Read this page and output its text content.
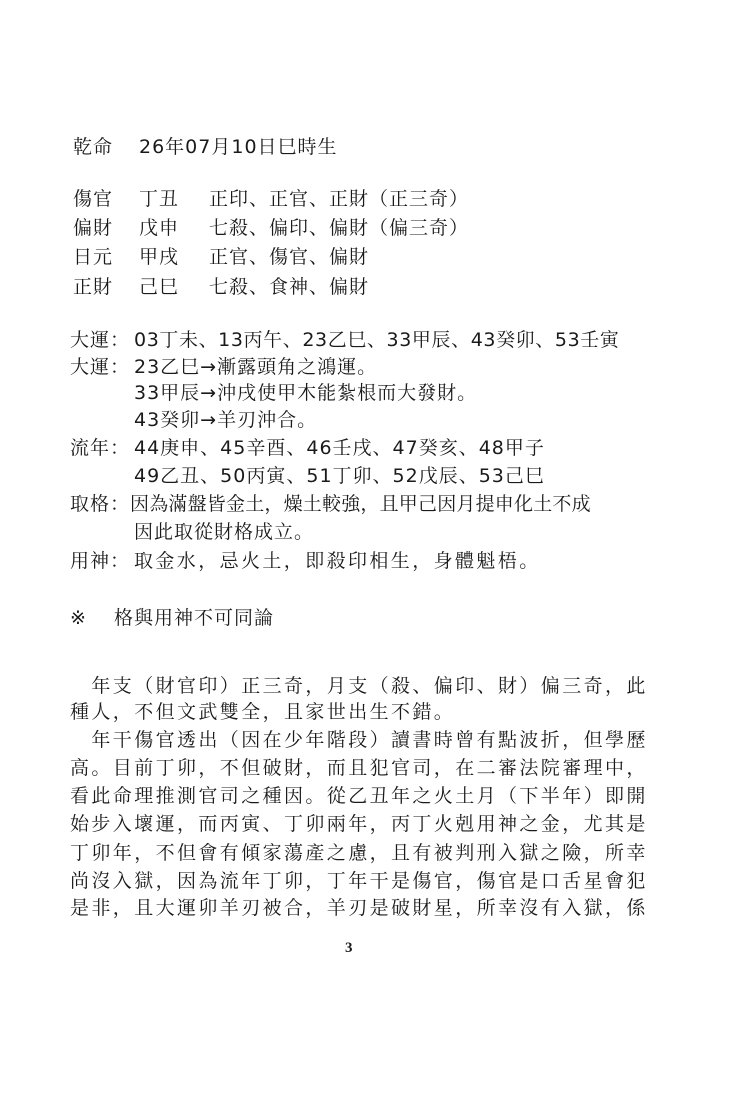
乾命 26年07月10日巳時生
傷官 丁丑 正印、正官、正財（正三奇）
偏財 戊申 七殺、偏印、偏財（偏三奇）
日元 甲戌 正官、傷官、偏財
正財 己巳 七殺、食神、偏財
大運： 03丁未、13丙午、23乙巳、33甲辰、43癸卯、53壬寅
大運： 23乙巳→漸露頭角之鴻運。
33甲辰→沖戌使甲木能紮根而大發財。
43癸卯→羊刃沖合。
流年： 44庚申、45辛酉、46壬戌、47癸亥、48甲子
49乙丑、50丙寅、51丁卯、52戊辰、53己巳
取格： 因為滿盤皆金土，燥土較強，且甲己因月提申化土不成
因此取從財格成立。
用神： 取金水，忌火土，即殺印相生，身體魁梧。
※ 格與用神不可同論
　年支（財官印）正三奇，月支（殺、偏印、財）偏三奇，此
種人，不但文武雙全，且家世出生不錯。
　年干傷官透出（因在少年階段）讀書時曾有點波折，但學歷
高。目前丁卯，不但破財，而且犯官司，在二審法院審理中，
看此命理推測官司之種因。從乙丑年之火土月（下半年）即開
始步入壞運，而丙寅、丁卯兩年，丙丁火剋用神之金，尤其是
丁卯年，不但會有傾家蕩產之慮，且有被判刑入獄之險，所幸
尚沒入獄，因為流年丁卯，丁年干是傷官，傷官是口舌星會犯
是非，且大運卯羊刃被合，羊刃是破財星，所幸沒有入獄，係
3
